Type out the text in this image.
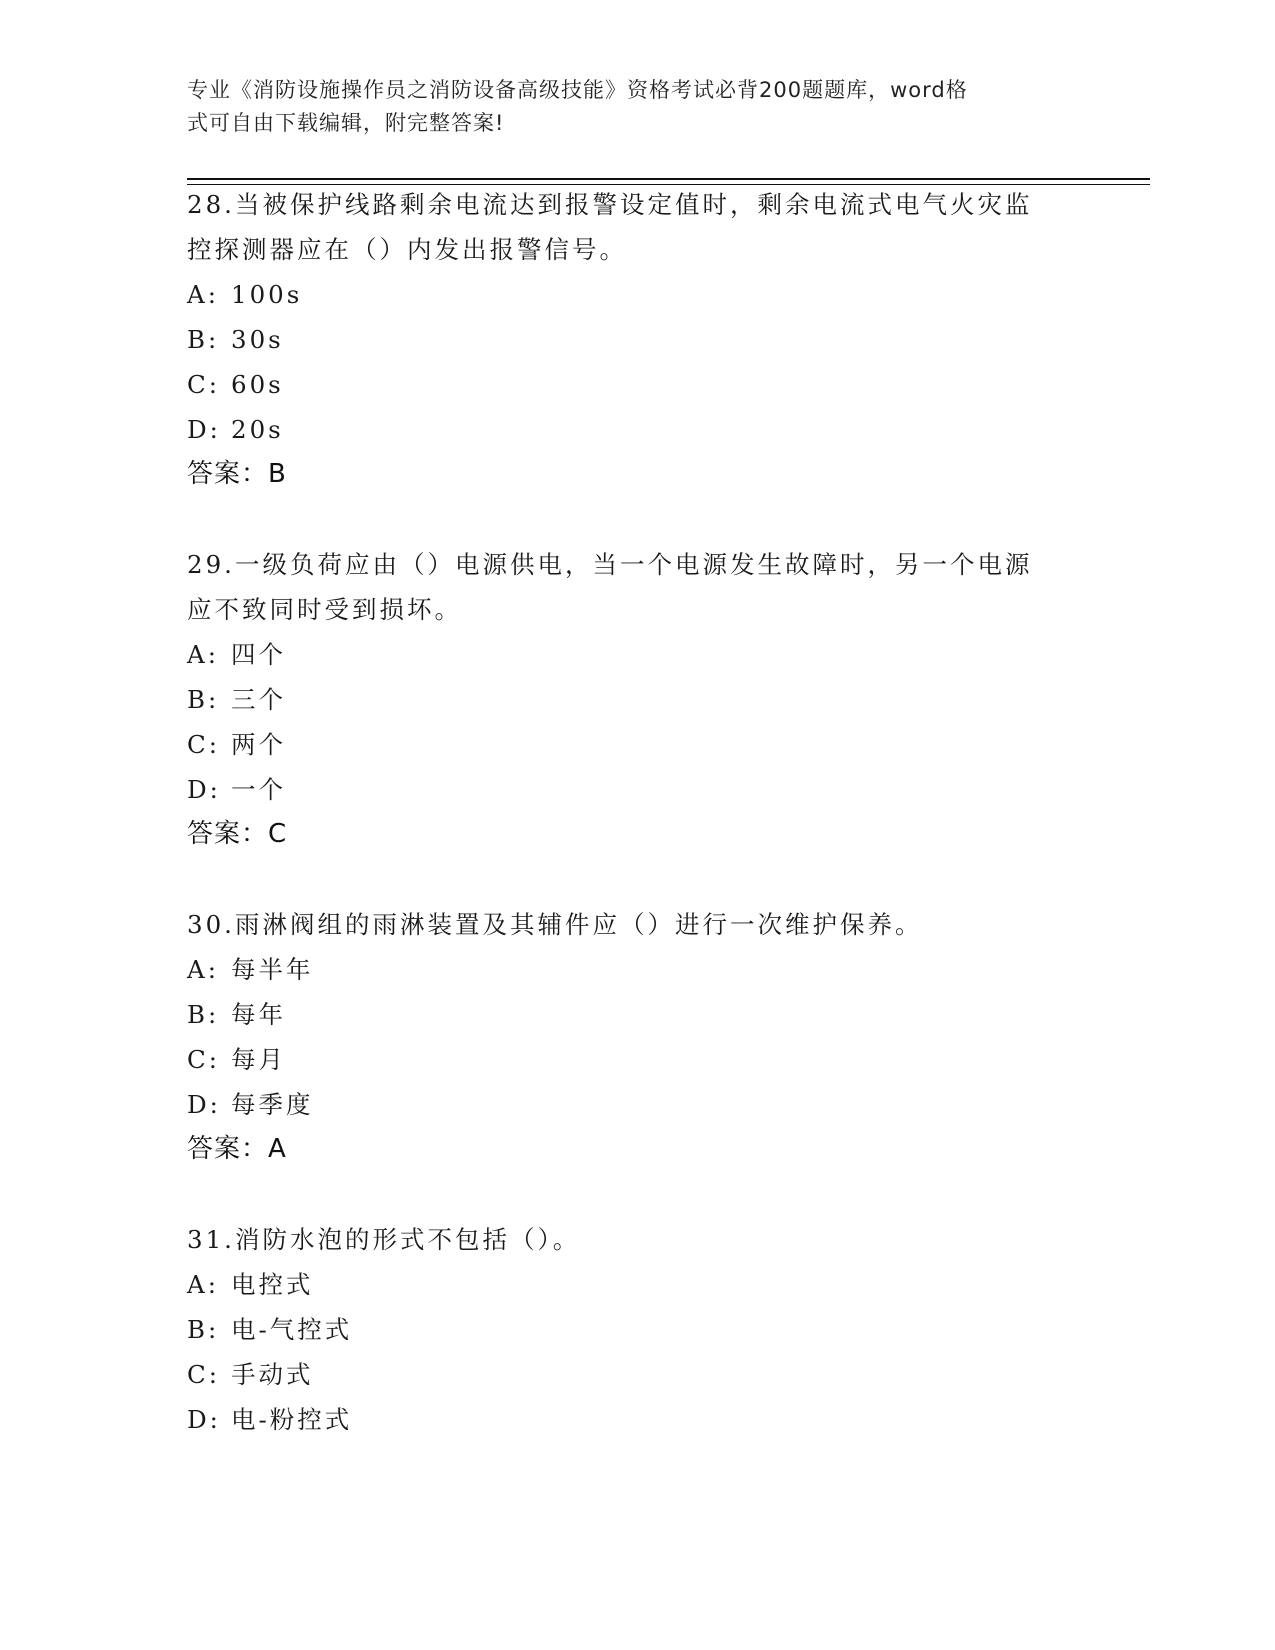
专业《消防设施操作员之消防设备高级技能》资格考试必背200题题库，word格
式可自由下载编辑，附完整答案!
28.当被保护线路剩余电流达到报警设定值时，剩余电流式电气火灾监
控探测器应在（）内发出报警信号。
A: 100s
B: 30s
C: 60s
D: 20s
答案：B
29.一级负荷应由（）电源供电，当一个电源发生故障时，另一个电源
应不致同时受到损坏。
A: 四个
B: 三个
C: 两个
D: 一个
答案：C
30.雨淋阀组的雨淋装置及其辅件应（）进行一次维护保养。
A: 每半年
B: 每年
C: 每月
D: 每季度
答案：A
31.消防水泡的形式不包括（）。
A: 电控式
B: 电-气控式
C: 手动式
D: 电-粉控式
